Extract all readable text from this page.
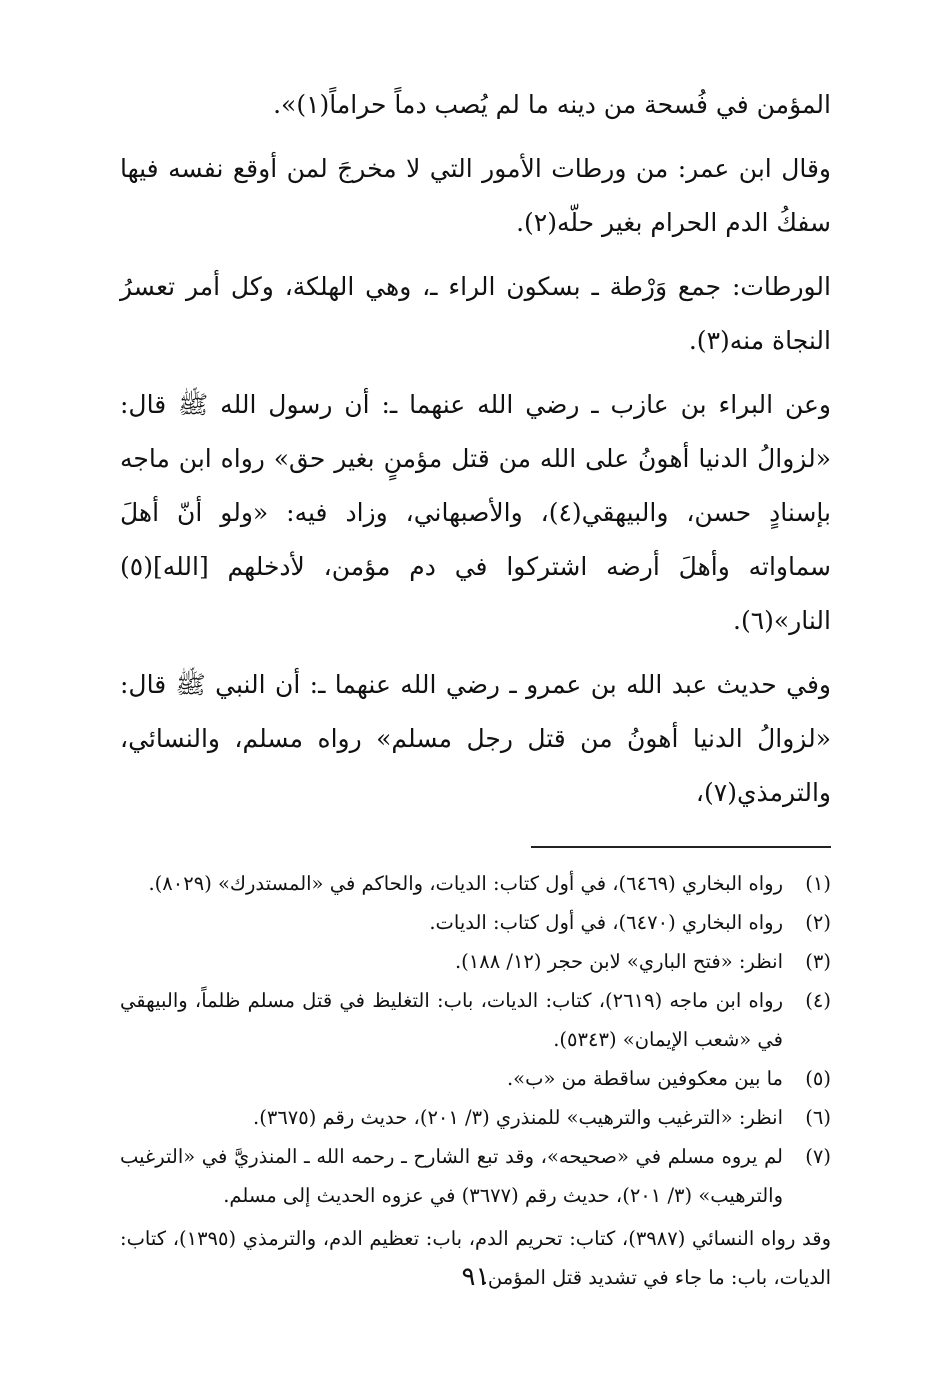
المؤمن في فُسحة من دينه ما لم يُصب دماً حراماً(١)».

وقال ابن عمر: من ورطات الأمور التي لا مخرجَ لمن أوقع نفسه فيها سفكُ الدم الحرام بغير حلّه(٢).

الورطات: جمع وَرْطة ـ بسكون الراء ـ، وهي الهلكة، وكل أمر تعسرُ النجاة منه(٣).

وعن البراء بن عازب ـ رضي الله عنهما ـ: أن رسول الله ﷺ قال: «لزوالُ الدنيا أهونُ على الله من قتل مؤمنٍ بغير حق» رواه ابن ماجه بإسنادٍ حسن، والبيهقي(٤)، والأصبهاني، وزاد فيه: «ولو أنّ أهلَ سماواته وأهلَ أرضه اشتركوا في دم مؤمن، لأدخلهم [الله](٥) النار»(٦).

وفي حديث عبد الله بن عمرو ـ رضي الله عنهما ـ: أن النبي ﷺ قال: «لزوالُ الدنيا أهونُ من قتل رجل مسلم» رواه مسلم، والنسائي، والترمذي(٧)،

(١)
رواه البخاري (٦٤٦٩)، في أول كتاب: الديات، والحاكم في «المستدرك» (٨٠٢٩).
(٢)
رواه البخاري (٦٤٧٠)، في أول كتاب: الديات.
(٣)
انظر: «فتح الباري» لابن حجر (١٢/ ١٨٨).
(٤)
رواه ابن ماجه (٢٦١٩)، كتاب: الديات، باب: التغليظ في قتل مسلم ظلماً، والبيهقي في «شعب الإيمان» (٥٣٤٣).
(٥)
ما بين معكوفين ساقطة من «ب».
(٦)
انظر: «الترغيب والترهيب» للمنذري (٣/ ٢٠١)، حديث رقم (٣٦٧٥).
(٧)
لم يروه مسلم في «صحيحه»، وقد تبع الشارح ـ رحمه الله ـ المنذريَّ في «الترغيب والترهيب» (٣/ ٢٠١)، حديث رقم (٣٦٧٧) في عزوه الحديث إلى مسلم.

وقد رواه النسائي (٣٩٨٧)، كتاب: تحريم الدم، باب: تعظيم الدم، والترمذي (١٣٩٥)، كتاب: الديات، باب: ما جاء في تشديد قتل المؤمن.

٩١
